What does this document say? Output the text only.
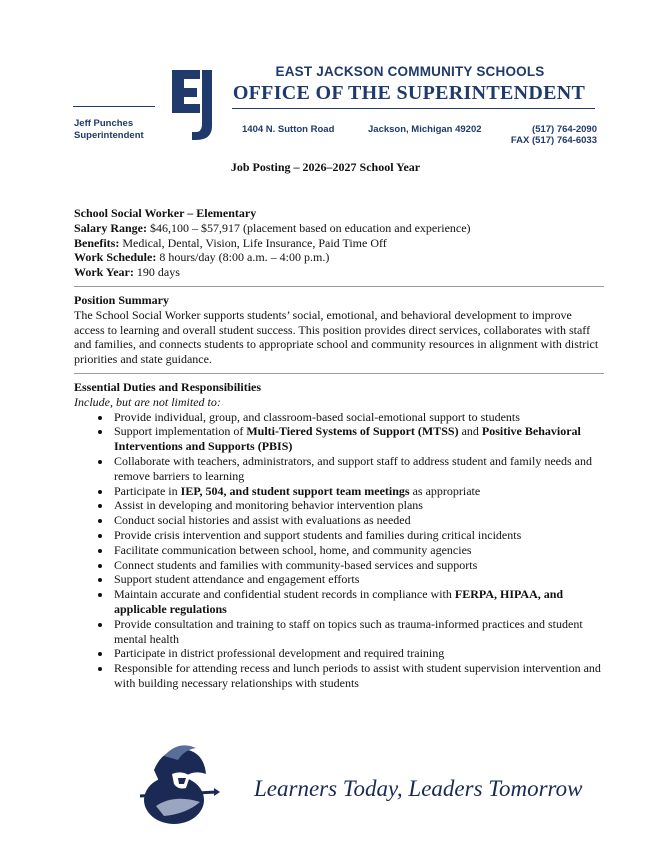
EAST JACKSON COMMUNITY SCHOOLS
OFFICE OF THE SUPERINTENDENT
Jeff Punches
Superintendent
1404 N. Sutton Road	Jackson, Michigan 49202	(517) 764-2090
FAX (517) 764-6033
Job Posting – 2026–2027 School Year

School Social Worker – Elementary

Salary Range: $46,100 – $57,917 (placement based on education and experience)

Benefits: Medical, Dental, Vision, Life Insurance, Paid Time Off

Work Schedule: 8 hours/day (8:00 a.m. – 4:00 p.m.)

Work Year: 190 days

Position Summary

The School Social Worker supports students’ social, emotional, and behavioral development to improve access to learning and overall student success. This position provides direct services, collaborates with staff and families, and connects students to appropriate school and community resources in alignment with district priorities and state guidance.

Essential Duties and Responsibilities

Include, but are not limited to:

• Provide individual, group, and classroom-based social-emotional support to students
• Support implementation of Multi-Tiered Systems of Support (MTSS) and Positive Behavioral Interventions and Supports (PBIS)
• Collaborate with teachers, administrators, and support staff to address student and family needs and remove barriers to learning
• Participate in IEP, 504, and student support team meetings as appropriate
• Assist in developing and monitoring behavior intervention plans
• Conduct social histories and assist with evaluations as needed
• Provide crisis intervention and support students and families during critical incidents
• Facilitate communication between school, home, and community agencies
• Connect students and families with community-based services and supports
• Support student attendance and engagement efforts
• Maintain accurate and confidential student records in compliance with FERPA, HIPAA, and applicable regulations
• Provide consultation and training to staff on topics such as trauma-informed practices and student mental health
• Participate in district professional development and required training
• Responsible for attending recess and lunch periods to assist with student supervision intervention and with building necessary relationships with students
Learners Today, Leaders Tomorrow
